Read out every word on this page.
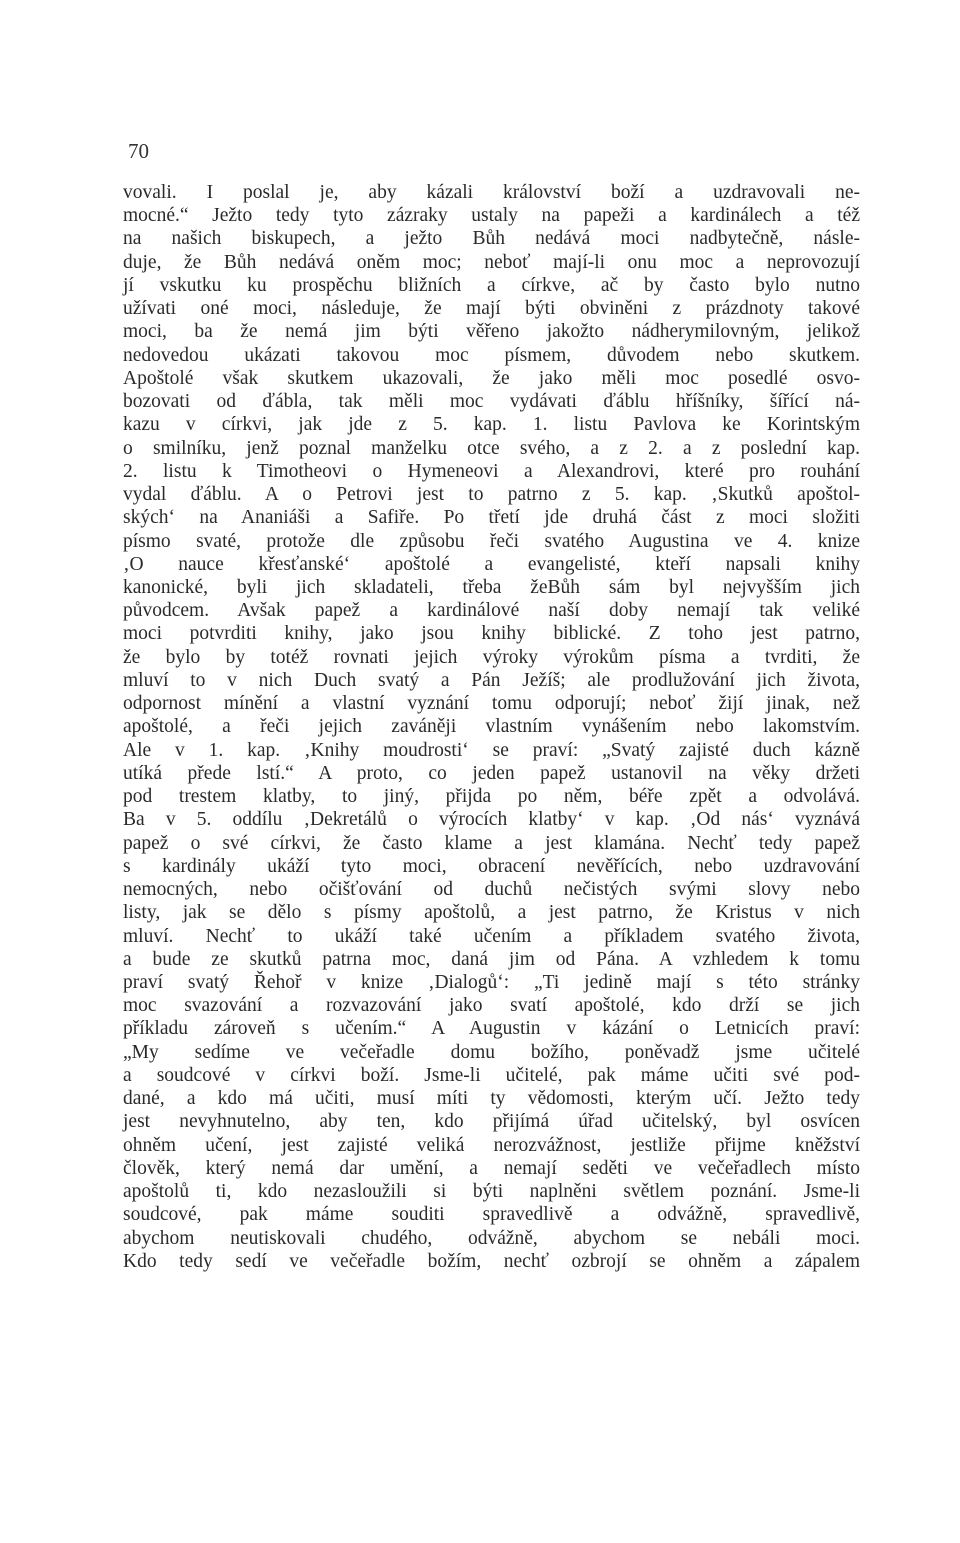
70
vovali. I poslal je, aby kázali království boží a uzdravovali ne-
mocné.“ Ježto tedy tyto zázraky ustaly na papeži a kardinálech a též
na našich biskupech, a ježto Bůh nedává moci nadbytečně, násle-
duje, že Bůh nedává oněm moc; neboť mají-li onu moc a neprovozují
jí vskutku ku prospěchu bližních a církve, ač by často bylo nutno
užívati oné moci, následuje, že mají býti obviněni z prázdnoty takové
moci, ba že nemá jim býti věřeno jakožto nádherymilovným, jelikož
nedovedou ukázati takovou moc písmem, důvodem nebo skutkem.
Apoštolé však skutkem ukazovali, že jako měli moc posedlé osvo-
bozovati od ďábla, tak měli moc vydávati ďáblu hříšníky, šířící ná-
kazu v církvi, jak jde z 5. kap. 1. listu Pavlova ke Korintským
o smilníku, jenž poznal manželku otce svého, a z 2. a z poslední kap.
2. listu k Timotheovi o Hymeneovi a Alexandrovi, které pro rouhání
vydal ďáblu. A o Petrovi jest to patrno z 5. kap. ‚Skutků apoštol-
ských‘ na Ananiáši a Safiře. Po třetí jde druhá část z moci složiti
písmo svaté, protože dle způsobu řeči svatého Augustina ve 4. knize
‚O nauce křesťanské‘ apoštolé a evangelisté, kteří napsali knihy
kanonické, byli jich skladateli, třeba žeBůh sám byl nejvyšším jich
původcem. Avšak papež a kardinálové naší doby nemají tak veliké
moci potvrditi knihy, jako jsou knihy biblické. Z toho jest patrno,
že bylo by totéž rovnati jejich výroky výrokům písma a tvrditi, že
mluví to v nich Duch svatý a Pán Ježíš; ale prodlužování jich života,
odpornost mínění a vlastní vyznání tomu odporují; neboť žijí jinak, než
apoštolé, a řeči jejich zaváněji vlastním vynášením nebo lakomstvím.
Ale v 1. kap. ‚Knihy moudrosti‘ se praví: „Svatý zajisté duch kázně
utíká přede lstí.“ A proto, co jeden papež ustanovil na věky držeti
pod trestem klatby, to jiný, přijda po něm, béře zpět a odvolává.
Ba v 5. oddílu ‚Dekretálů o výrocích klatby‘ v kap. ‚Od nás‘ vyznává
papež o své církvi, že často klame a jest klamána. Nechť tedy papež
s kardinály ukáží tyto moci, obracení nevěřících, nebo uzdravování
nemocných, nebo očišťování od duchů nečistých svými slovy nebo
listy, jak se dělo s písmy apoštolů, a jest patrno, že Kristus v nich
mluví. Nechť to ukáží také učením a příkladem svatého života,
a bude ze skutků patrna moc, daná jim od Pána. A vzhledem k tomu
praví svatý Řehoř v knize ‚Dialogů‘: „Ti jedině mají s této stránky
moc svazování a rozvazování jako svatí apoštolé, kdo drží se jich
příkladu zároveň s učením.“ A Augustin v kázání o Letnicích praví:
„My sedíme ve večeřadle domu božího, poněvadž jsme učitelé
a soudcové v církvi boží. Jsme-li učitelé, pak máme učiti své pod-
dané, a kdo má učiti, musí míti ty vědomosti, kterým učí. Ježto tedy
jest nevyhnutelno, aby ten, kdo přijímá úřad učitelský, byl osvícen
ohněm učení, jest zajisté veliká nerozvážnost, jestliže přijme kněžství
člověk, který nemá dar umění, a nemají seděti ve večeřadlech místo
apoštolů ti, kdo nezasloužili si býti naplněni světlem poznání. Jsme-li
soudcové, pak máme souditi spravedlivě a odvážně, spravedlivě,
abychom neutiskovali chudého, odvážně, abychom se nebáli moci.
Kdo tedy sedí ve večeřadle božím, nechť ozbrojí se ohněm a zápalem
